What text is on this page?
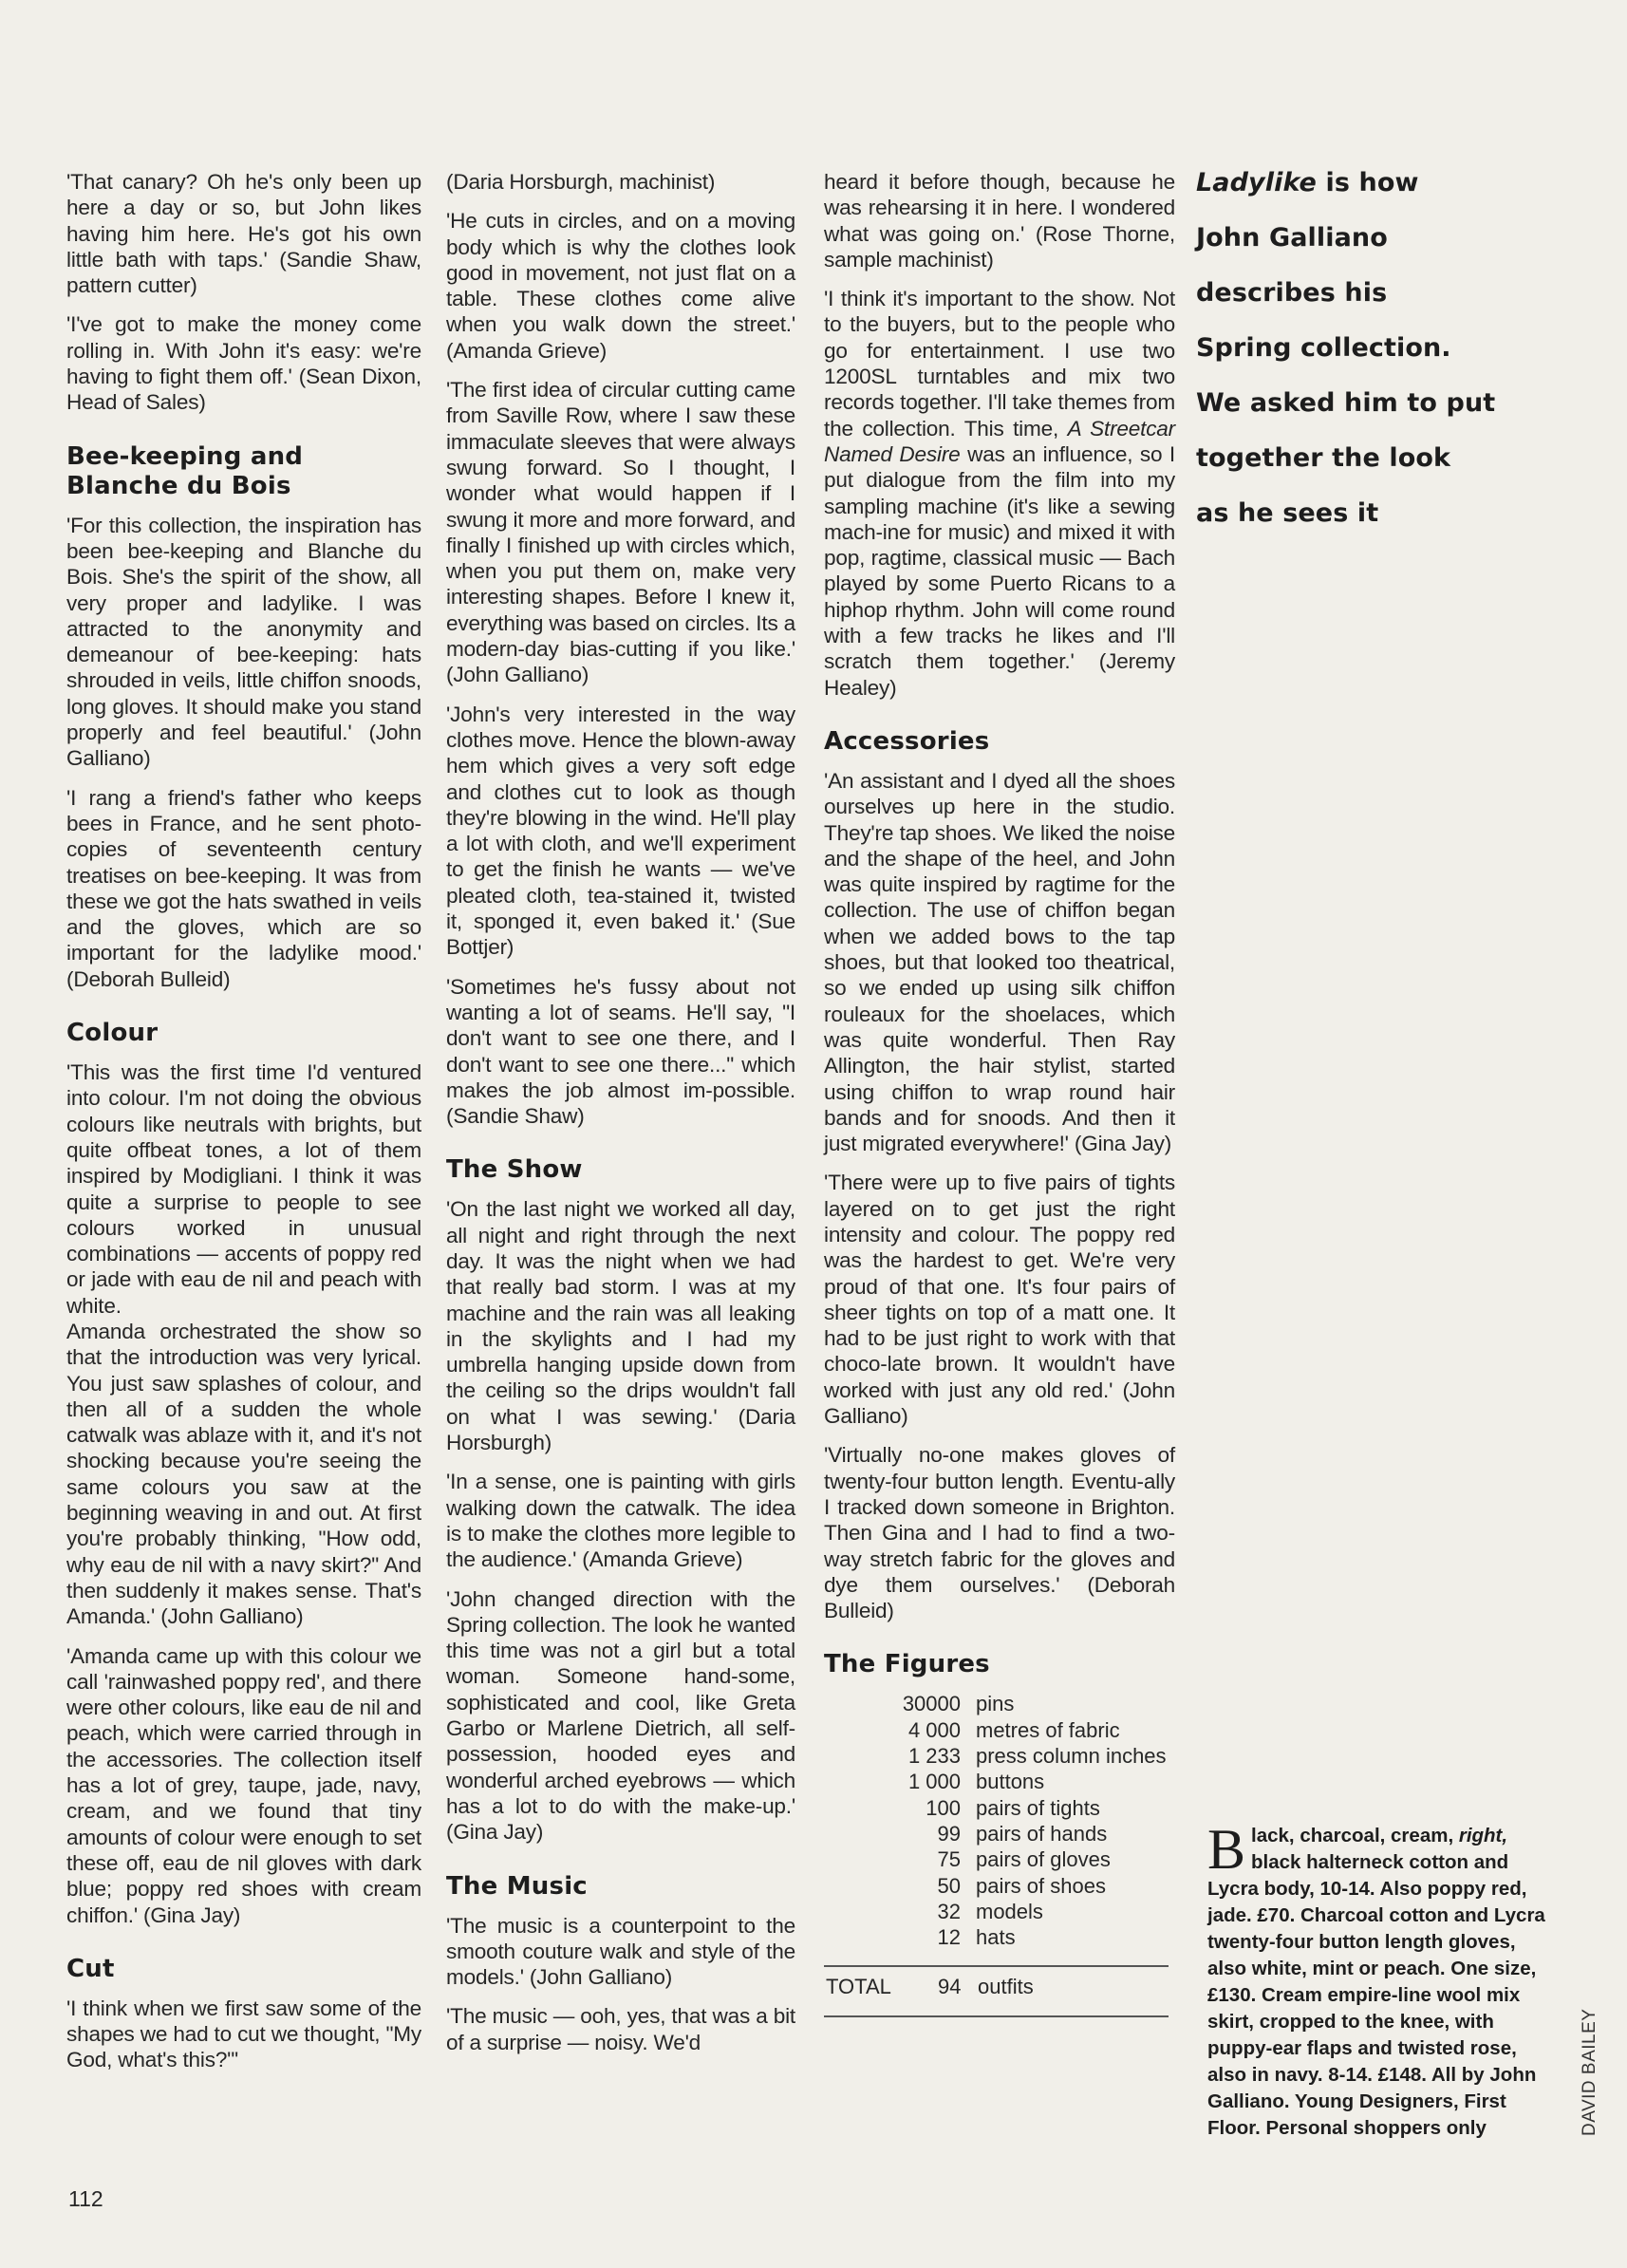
'That canary? Oh he's only been up here a day or so, but John likes having him here. He's got his own little bath with taps.' (Sandie Shaw, pattern cutter)

'I've got to make the money come rolling in. With John it's easy: we're having to fight them off.' (Sean Dixon, Head of Sales)

Bee-keeping and
Blanche du Bois

'For this collection, the inspiration has been bee-keeping and Blanche du Bois. She's the spirit of the show, all very proper and ladylike. I was attracted to the anonymity and demeanour of bee-keeping: hats shrouded in veils, little chiffon snoods, long gloves. It should make you stand properly and feel beautiful.' (John Galliano)

'I rang a friend's father who keeps bees in France, and he sent photo-copies of seventeenth century treatises on bee-keeping. It was from these we got the hats swathed in veils and the gloves, which are so important for the ladylike mood.' (Deborah Bulleid)

Colour

'This was the first time I'd ventured into colour. I'm not doing the obvious colours like neutrals with brights, but quite offbeat tones, a lot of them inspired by Modigliani. I think it was quite a surprise to people to see colours worked in unusual combinations — accents of poppy red or jade with eau de nil and peach with white.

Amanda orchestrated the show so that the introduction was very lyrical. You just saw splashes of colour, and then all of a sudden the whole catwalk was ablaze with it, and it's not shocking because you're seeing the same colours you saw at the beginning weaving in and out. At first you're probably thinking, "How odd, why eau de nil with a navy skirt?" And then suddenly it makes sense. That's Amanda.' (John Galliano)

'Amanda came up with this colour we call 'rainwashed poppy red', and there were other colours, like eau de nil and peach, which were carried through in the accessories. The collection itself has a lot of grey, taupe, jade, navy, cream, and we found that tiny amounts of colour were enough to set these off, eau de nil gloves with dark blue; poppy red shoes with cream chiffon.' (Gina Jay)

Cut

'I think when we first saw some of the shapes we had to cut we thought, "My God, what's this?"'

(Daria Horsburgh, machinist)

'He cuts in circles, and on a moving body which is why the clothes look good in movement, not just flat on a table. These clothes come alive when you walk down the street.' (Amanda Grieve)

'The first idea of circular cutting came from Saville Row, where I saw these immaculate sleeves that were always swung forward. So I thought, I wonder what would happen if I swung it more and more forward, and finally I finished up with circles which, when you put them on, make very interesting shapes. Before I knew it, everything was based on circles. Its a modern-day bias-cutting if you like.' (John Galliano)

'John's very interested in the way clothes move. Hence the blown-away hem which gives a very soft edge and clothes cut to look as though they're blowing in the wind. He'll play a lot with cloth, and we'll experiment to get the finish he wants — we've pleated cloth, tea-stained it, twisted it, sponged it, even baked it.' (Sue Bottjer)

'Sometimes he's fussy about not wanting a lot of seams. He'll say, "I don't want to see one there, and I don't want to see one there..." which makes the job almost im-possible. (Sandie Shaw)

The Show

'On the last night we worked all day, all night and right through the next day. It was the night when we had that really bad storm. I was at my machine and the rain was all leaking in the skylights and I had my umbrella hanging upside down from the ceiling so the drips wouldn't fall on what I was sewing.' (Daria Horsburgh)

'In a sense, one is painting with girls walking down the catwalk. The idea is to make the clothes more legible to the audience.' (Amanda Grieve)

'John changed direction with the Spring collection. The look he wanted this time was not a girl but a total woman. Someone hand-some, sophisticated and cool, like Greta Garbo or Marlene Dietrich, all self-possession, hooded eyes and wonderful arched eyebrows — which has a lot to do with the make-up.' (Gina Jay)

The Music

'The music is a counterpoint to the smooth couture walk and style of the models.' (John Galliano)

'The music — ooh, yes, that was a bit of a surprise — noisy. We'd

heard it before though, because he was rehearsing it in here. I wondered what was going on.' (Rose Thorne, sample machinist)

'I think it's important to the show. Not to the buyers, but to the people who go for entertainment. I use two 1200SL turntables and mix two records together. I'll take themes from the collection. This time, A Streetcar Named Desire was an influence, so I put dialogue from the film into my sampling machine (it's like a sewing mach-ine for music) and mixed it with pop, ragtime, classical music — Bach played by some Puerto Ricans to a hiphop rhythm. John will come round with a few tracks he likes and I'll scratch them together.' (Jeremy Healey)

Accessories

'An assistant and I dyed all the shoes ourselves up here in the studio. They're tap shoes. We liked the noise and the shape of the heel, and John was quite inspired by ragtime for the collection. The use of chiffon began when we added bows to the tap shoes, but that looked too theatrical, so we ended up using silk chiffon rouleaux for the shoelaces, which was quite wonderful. Then Ray Allington, the hair stylist, started using chiffon to wrap round hair bands and for snoods. And then it just migrated everywhere!' (Gina Jay)

'There were up to five pairs of tights layered on to get just the right intensity and colour. The poppy red was the hardest to get. We're very proud of that one. It's four pairs of sheer tights on top of a matt one. It had to be just right to work with that choco-late brown. It wouldn't have worked with just any old red.' (John Galliano)

'Virtually no-one makes gloves of twenty-four button length. Eventu-ally I tracked down someone in Brighton. Then Gina and I had to find a two-way stretch fabric for the gloves and dye them ourselves.' (Deborah Bulleid)

The Figures
30000	pins
4 000	metres of fabric
1 233	press column inches
1 000	buttons
100	pairs of tights
99	pairs of hands
75	pairs of gloves
50	pairs of shoes
32	models
12	hats
TOTAL 94 outfits
Ladylike is how
John Galliano
describes his
Spring collection.
We asked him to put
together the look
as he sees it
Black, charcoal, cream, right, black halterneck cotton and Lycra body, 10-14. Also poppy red, jade. £70. Charcoal cotton and Lycra twenty-four button length gloves, also white, mint or peach. One size, £130. Cream empire-line wool mix skirt, cropped to the knee, with puppy-ear flaps and twisted rose, also in navy. 8-14. £148. All by John Galliano. Young Designers, First Floor. Personal shoppers only	DAVID BAILEY
112
